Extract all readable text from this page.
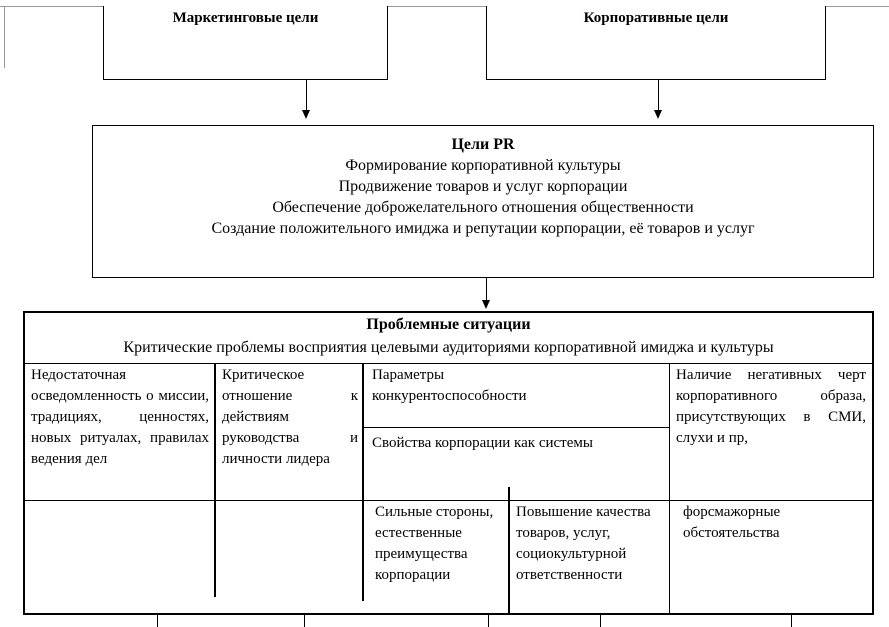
Маркетинговые цели	Корпоративные цели
Цели PR
Формирование корпоративной культуры
Продвижение товаров и услуг корпорации
Обеспечение доброжелательного отношения общественности
Создание положительного имиджа и репутации корпорации, её товаров и услуг
Проблемные ситуации
Критические проблемы восприятия целевыми аудиториями корпоративной имиджа и культуры
Недостаточная осведомленность о миссии, традициях, ценностях, новых ритуалах, правилах ведения дел
Критическое отношение к действиям руководства и личности лидера
Параметры конкурентоспособности
Свойства корпорации как системы
Сильные стороны, естественные преимущества корпорации
Повышение качества товаров, услуг, социокультурной ответственности
Наличие негативных черт корпоративного образа, присутствующих в СМИ, слухи и пр,
форсмажорные обстоятельства
